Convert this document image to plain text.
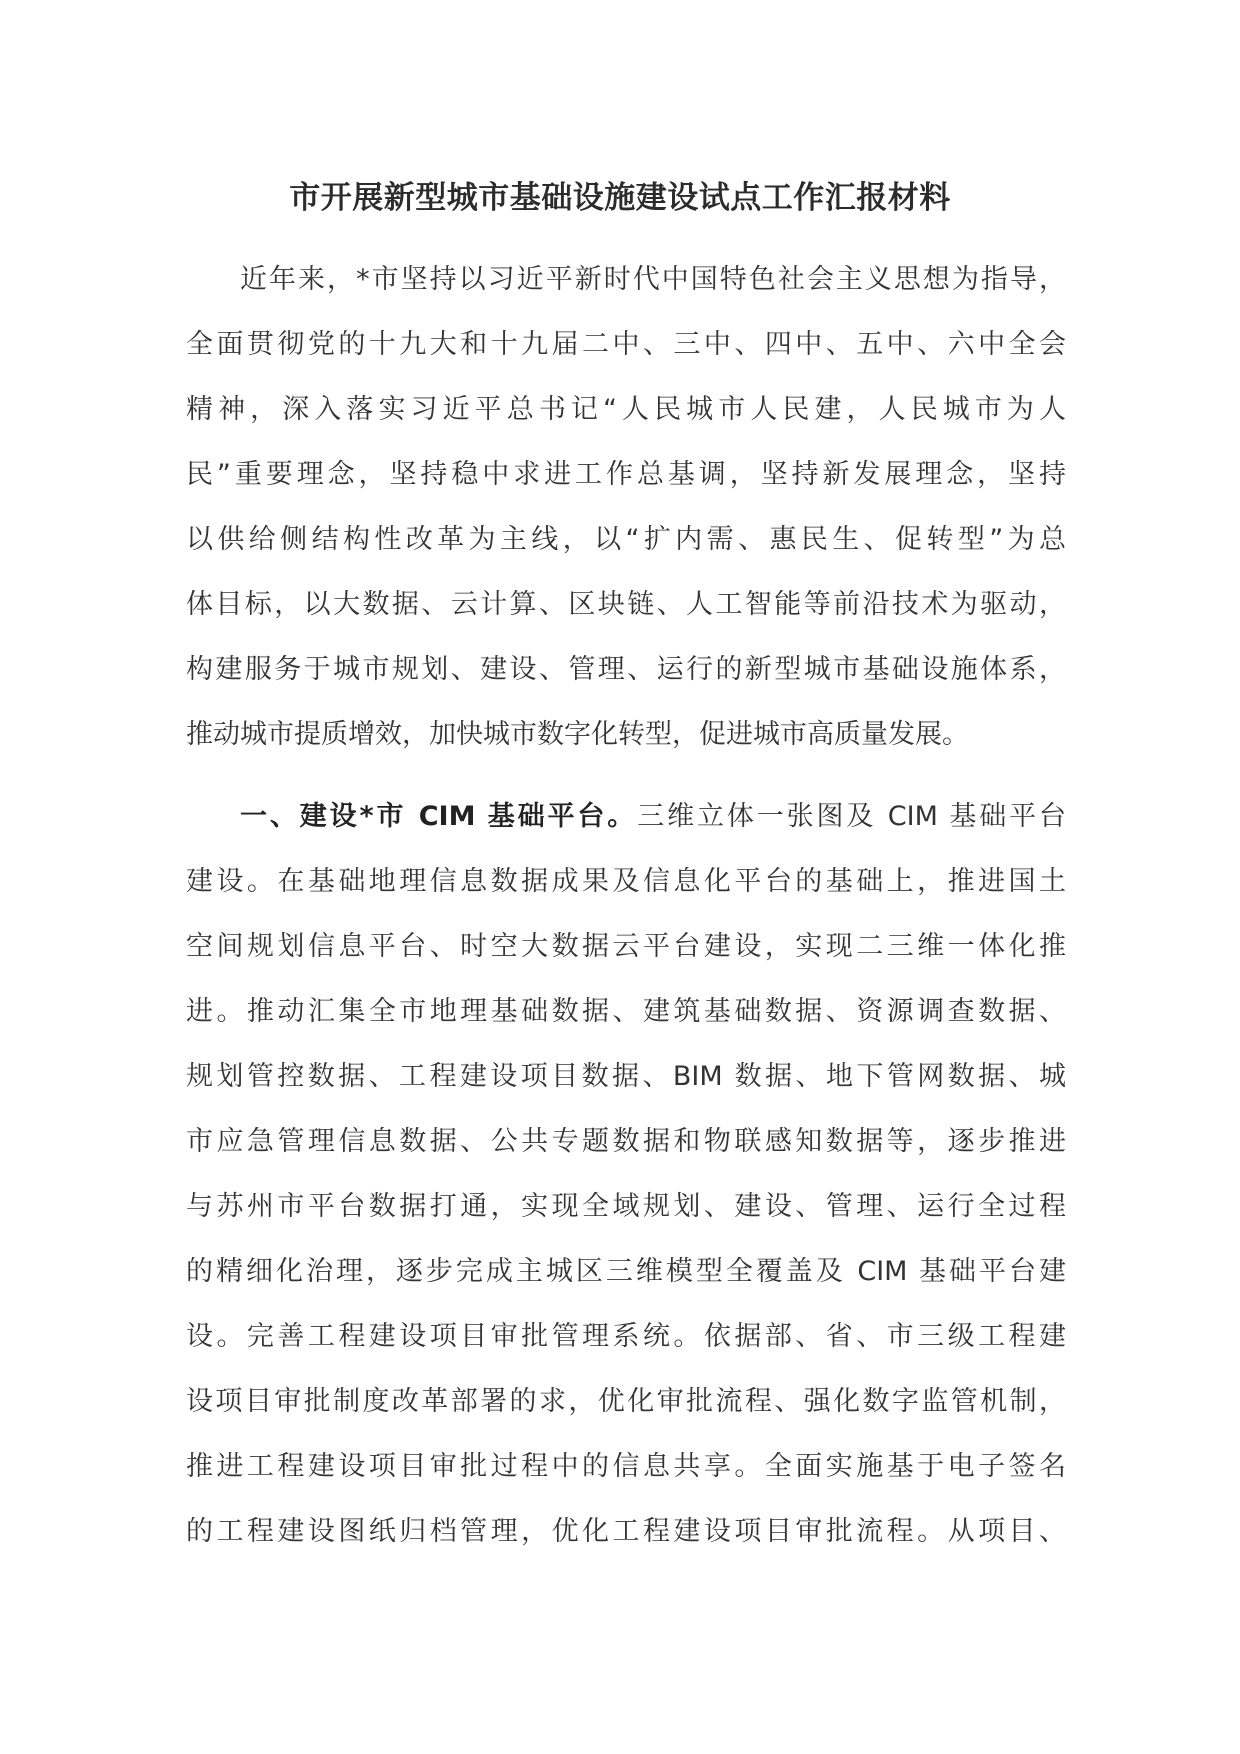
市开展新型城市基础设施建设试点工作汇报材料
近年来，*市坚持以习近平新时代中国特色社会主义思想为指导，
全面贯彻党的十九大和十九届二中、三中、四中、五中、六中全会
精神，深入落实习近平总书记“人民城市人民建，人民城市为人
民”重要理念，坚持稳中求进工作总基调，坚持新发展理念，坚持
以供给侧结构性改革为主线，以“扩内需、惠民生、促转型”为总
体目标，以大数据、云计算、区块链、人工智能等前沿技术为驱动，
构建服务于城市规划、建设、管理、运行的新型城市基础设施体系，
推动城市提质增效，加快城市数字化转型，促进城市高质量发展。
一、建设*市 CIM 基础平台。三维立体一张图及 CIM 基础平台
建设。在基础地理信息数据成果及信息化平台的基础上，推进国土
空间规划信息平台、时空大数据云平台建设，实现二三维一体化推
进。推动汇集全市地理基础数据、建筑基础数据、资源调查数据、
规划管控数据、工程建设项目数据、BIM 数据、地下管网数据、城
市应急管理信息数据、公共专题数据和物联感知数据等，逐步推进
与苏州市平台数据打通，实现全域规划、建设、管理、运行全过程
的精细化治理，逐步完成主城区三维模型全覆盖及 CIM 基础平台建
设。完善工程建设项目审批管理系统。依据部、省、市三级工程建
设项目审批制度改革部署的求，优化审批流程、强化数字监管机制，
推进工程建设项目审批过程中的信息共享。全面实施基于电子签名
的工程建设图纸归档管理，优化工程建设项目审批流程。从项目、
